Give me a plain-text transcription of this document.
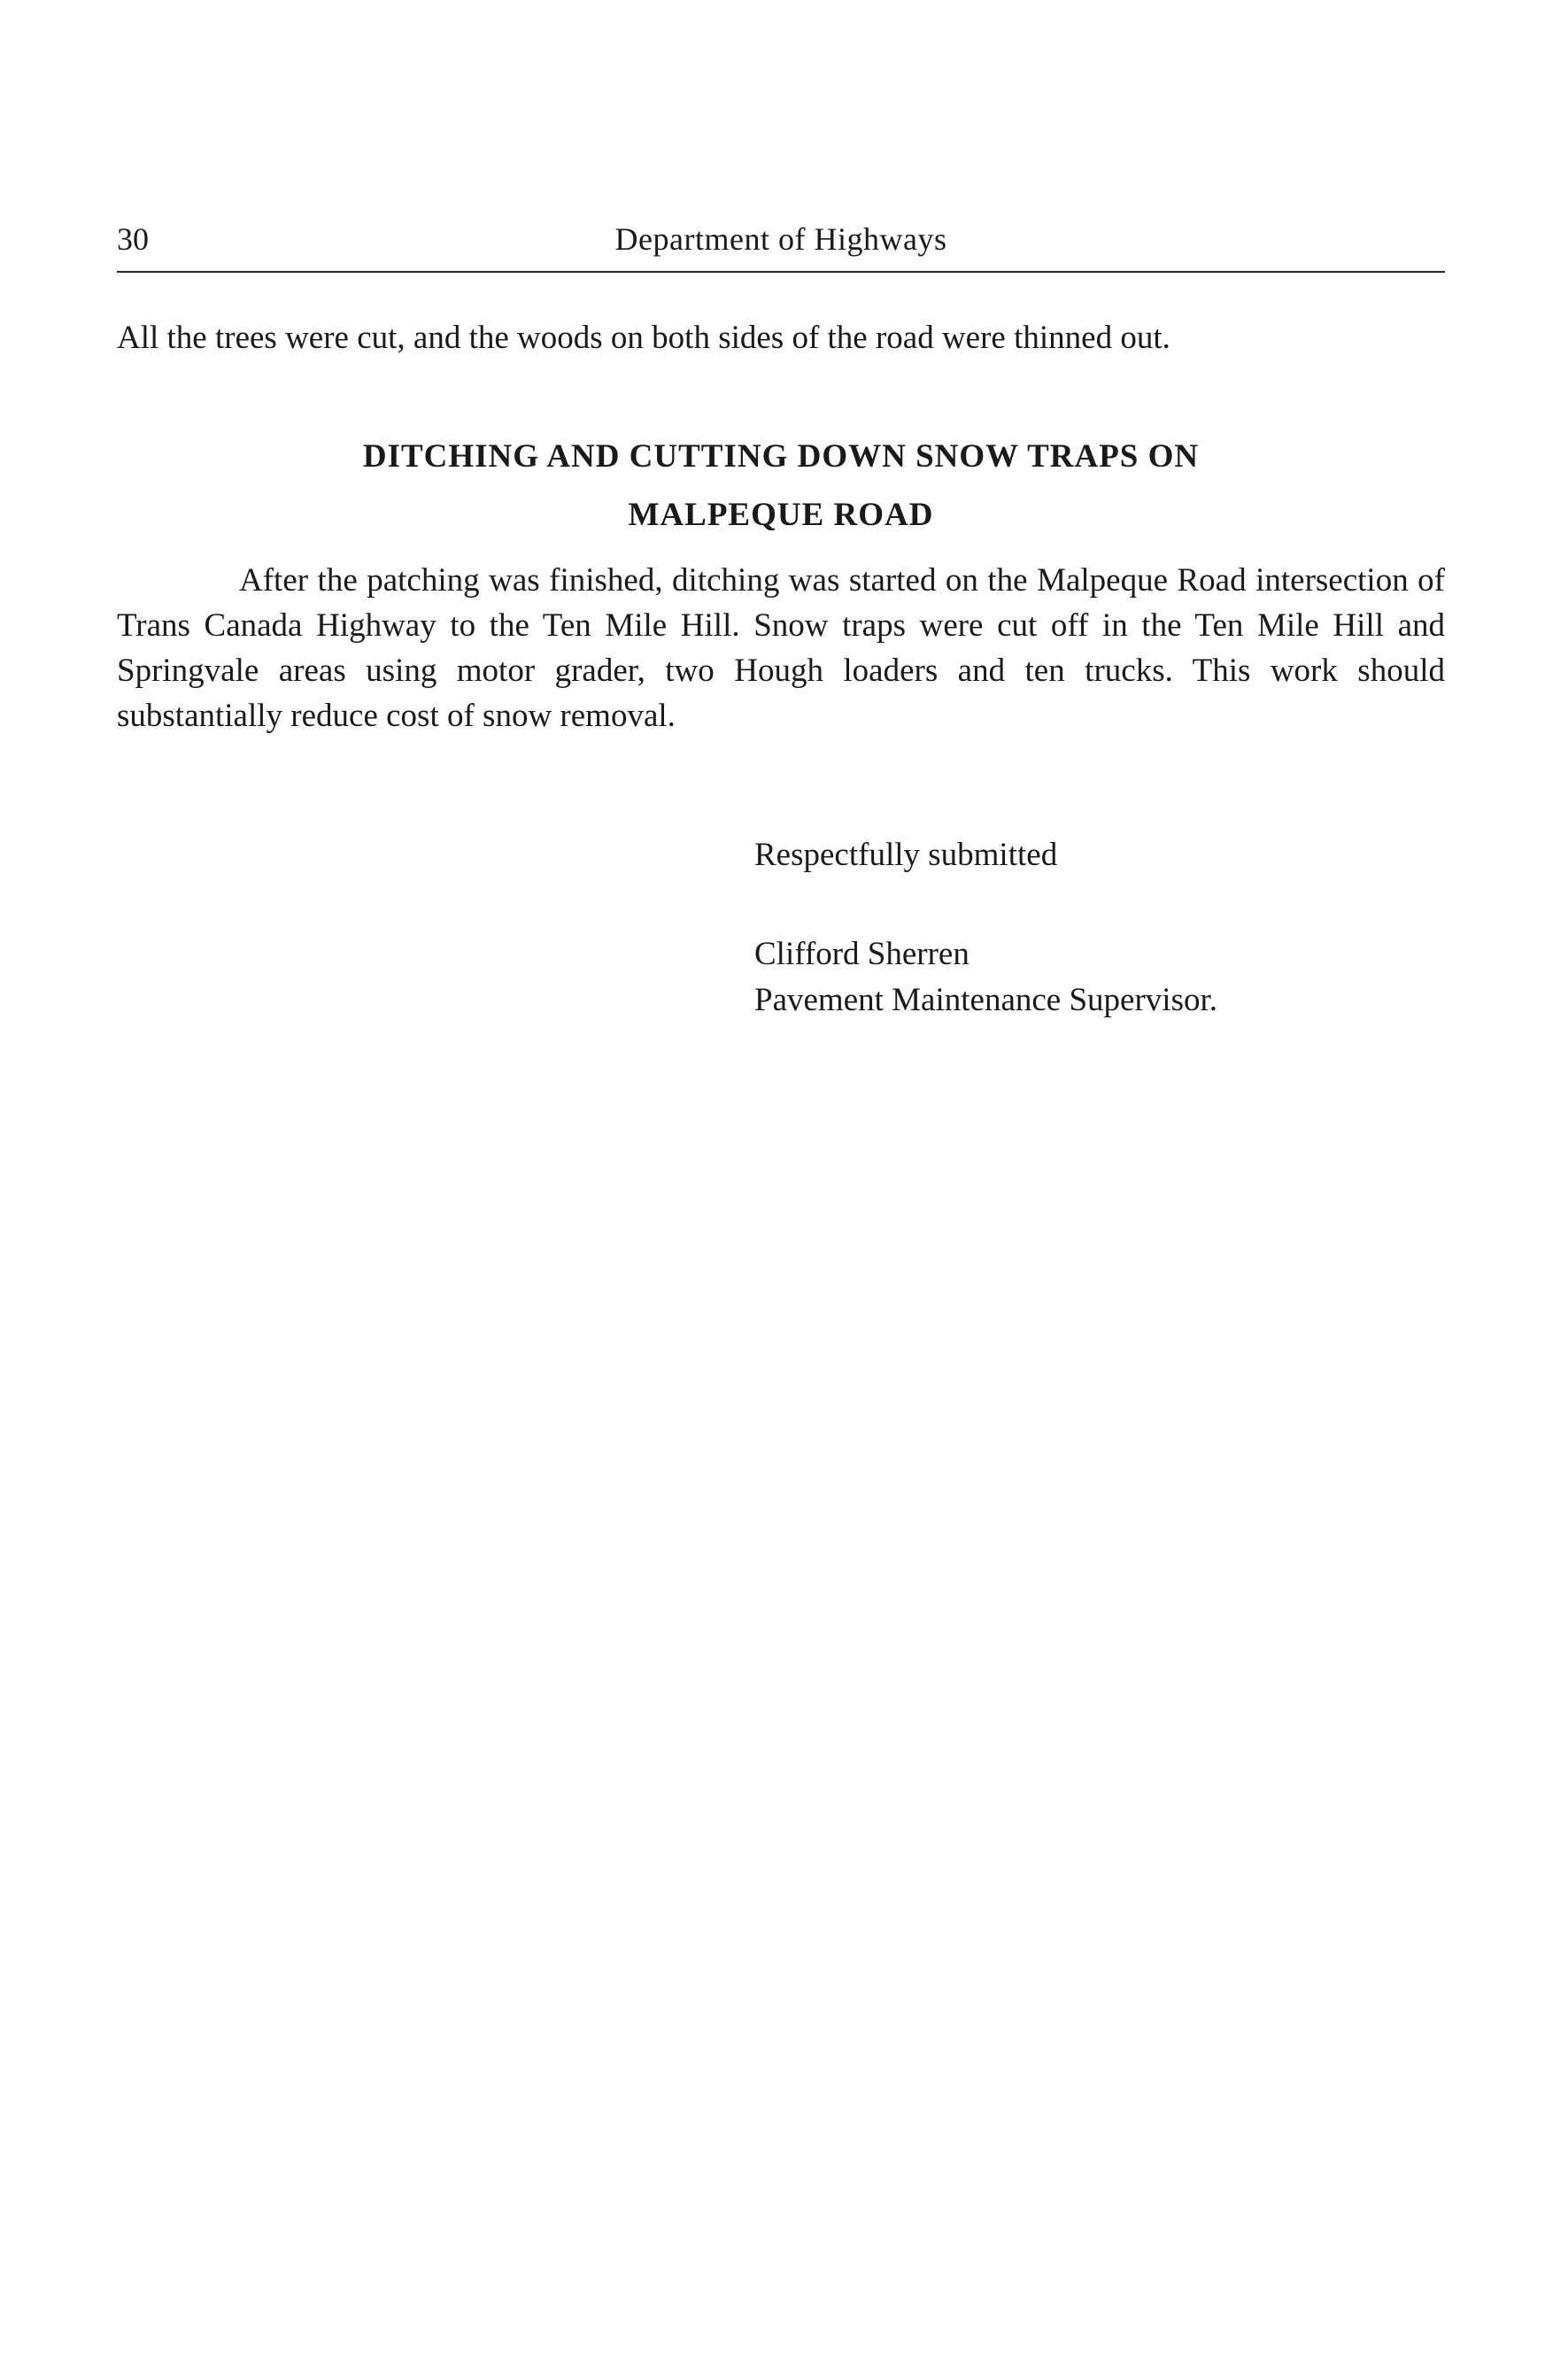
30	Department of Highways

All the trees were cut, and the woods on both sides of the road were thinned out.

DITCHING AND CUTTING DOWN SNOW TRAPS ON
MALPEQUE ROAD

After the patching was finished, ditching was started on the Malpeque Road intersection of Trans Canada Highway to the Ten Mile Hill. Snow traps were cut off in the Ten Mile Hill and Springvale areas using motor grader, two Hough loaders and ten trucks. This work should substantially reduce cost of snow removal.

Respectfully submitted
Clifford Sherren
Pavement Maintenance Supervisor.
